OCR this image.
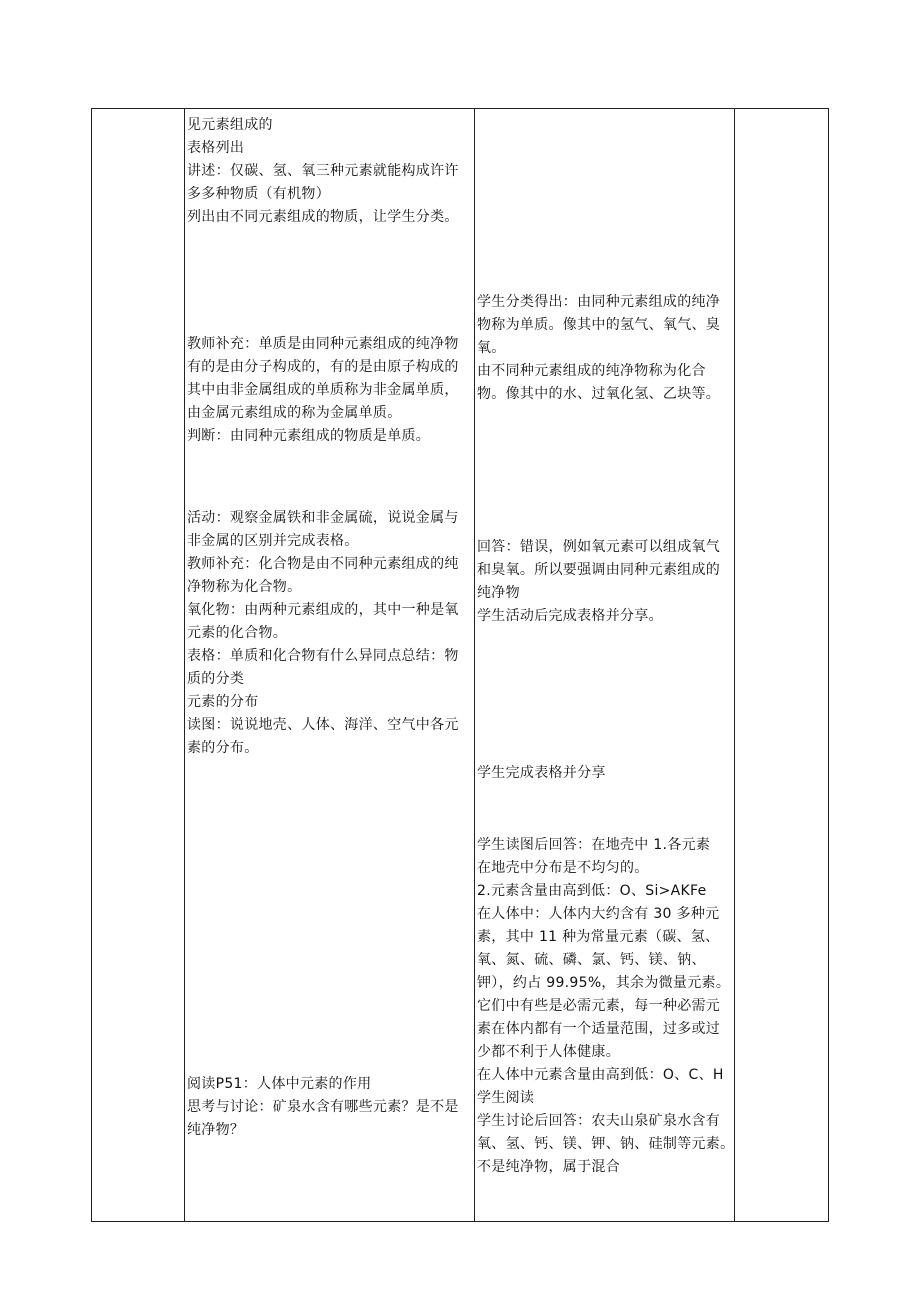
见元素组成的
表格列出
讲述：仅碳、氢、氧三种元素就能构成许许
多多种物质（有机物）
列出由不同元素组成的物质，让学生分类。
教师补充：单质是由同种元素组成的纯净物
有的是由分子构成的，有的是由原子构成的
其中由非金属组成的单质称为非金属单质，
由金属元素组成的称为金属单质。
判断：由同种元素组成的物质是单质。
活动：观察金属铁和非金属硫，说说金属与
非金属的区别并完成表格。
教师补充：化合物是由不同种元素组成的纯
净物称为化合物。
氧化物：由两种元素组成的，其中一种是氧
元素的化合物。
表格：单质和化合物有什么异同点总结：物
质的分类
元素的分布
读图：说说地壳、人体、海洋、空气中各元
素的分布。
阅读P51：人体中元素的作用
思考与讨论：矿泉水含有哪些元素？是不是
纯净物？
学生分类得出：由同种元素组成的纯净
物称为单质。像其中的氢气、氧气、臭
氧。
由不同种元素组成的纯净物称为化合
物。像其中的水、过氧化氢、乙块等。
回答：错误，例如氧元素可以组成氧气
和臭氧。所以要强调由同种元素组成的
纯净物
学生活动后完成表格并分享。
学生完成表格并分享
学生读图后回答：在地壳中 1.各元素
在地壳中分布是不均匀的。
2.元素含量由高到低：O、Si>AKFe
在人体中：人体内大约含有 30 多种元
素，其中 11 种为常量元素（碳、氢、
氧、氮、硫、磷、氯、钙、镁、钠、
钾），约占 99.95%，其余为微量元素。
它们中有些是必需元素，每一种必需元
素在体内都有一个适量范围，过多或过
少都不利于人体健康。
在人体中元素含量由高到低：O、C、H
学生阅读
学生讨论后回答：农夫山泉矿泉水含有
氧、氢、钙、镁、钾、钠、硅制等元素。
不是纯净物，属于混合
